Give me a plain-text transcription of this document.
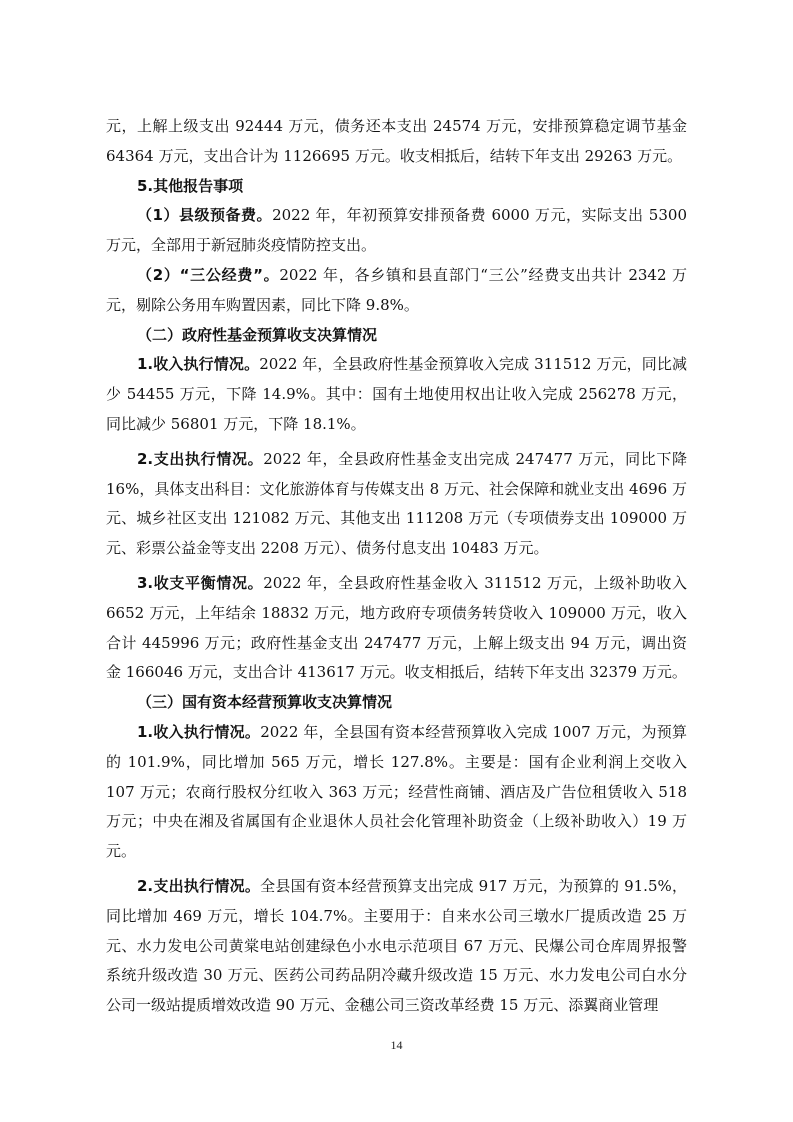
元，上解上级支出 92444 万元，债务还本支出 24574 万元，安排预算稳定调节基金 64364 万元，支出合计为 1126695 万元。收支相抵后，结转下年支出 29263 万元。

5.其他报告事项

（1）县级预备费。2022 年，年初预算安排预备费 6000 万元，实际支出 5300 万元，全部用于新冠肺炎疫情防控支出。

（2）“三公经费”。2022 年，各乡镇和县直部门“三公”经费支出共计 2342 万元，剔除公务用车购置因素，同比下降 9.8%。

（二）政府性基金预算收支决算情况

1.收入执行情况。2022 年，全县政府性基金预算收入完成 311512 万元，同比减少 54455 万元，下降 14.9%。其中：国有土地使用权出让收入完成 256278 万元，同比减少 56801 万元，下降 18.1%。

2.支出执行情况。2022 年，全县政府性基金支出完成 247477 万元，同比下降 16%，具体支出科目：文化旅游体育与传媒支出 8 万元、社会保障和就业支出 4696 万元、城乡社区支出 121082 万元、其他支出 111208 万元（专项债券支出 109000 万元、彩票公益金等支出 2208 万元）、债务付息支出 10483 万元。

3.收支平衡情况。2022 年，全县政府性基金收入 311512 万元，上级补助收入 6652 万元，上年结余 18832 万元，地方政府专项债务转贷收入 109000 万元，收入合计 445996 万元；政府性基金支出 247477 万元，上解上级支出 94 万元，调出资金 166046 万元，支出合计 413617 万元。收支相抵后，结转下年支出 32379 万元。

（三）国有资本经营预算收支决算情况

1.收入执行情况。2022 年，全县国有资本经营预算收入完成 1007 万元，为预算的 101.9%，同比增加 565 万元，增长 127.8%。主要是：国有企业利润上交收入 107 万元；农商行股权分红收入 363 万元；经营性商铺、酒店及广告位租赁收入 518 万元；中央在湘及省属国有企业退休人员社会化管理补助资金（上级补助收入）19 万元。

2.支出执行情况。全县国有资本经营预算支出完成 917 万元，为预算的 91.5%，同比增加 469 万元，增长 104.7%。主要用于：自来水公司三墩水厂提质改造 25 万元、水力发电公司黄棠电站创建绿色小水电示范项目 67 万元、民爆公司仓库周界报警系统升级改造 30 万元、医药公司药品阴冷藏升级改造 15 万元、水力发电公司白水分公司一级站提质增效改造 90 万元、金穗公司三资改革经费 15 万元、添翼商业管理

14
